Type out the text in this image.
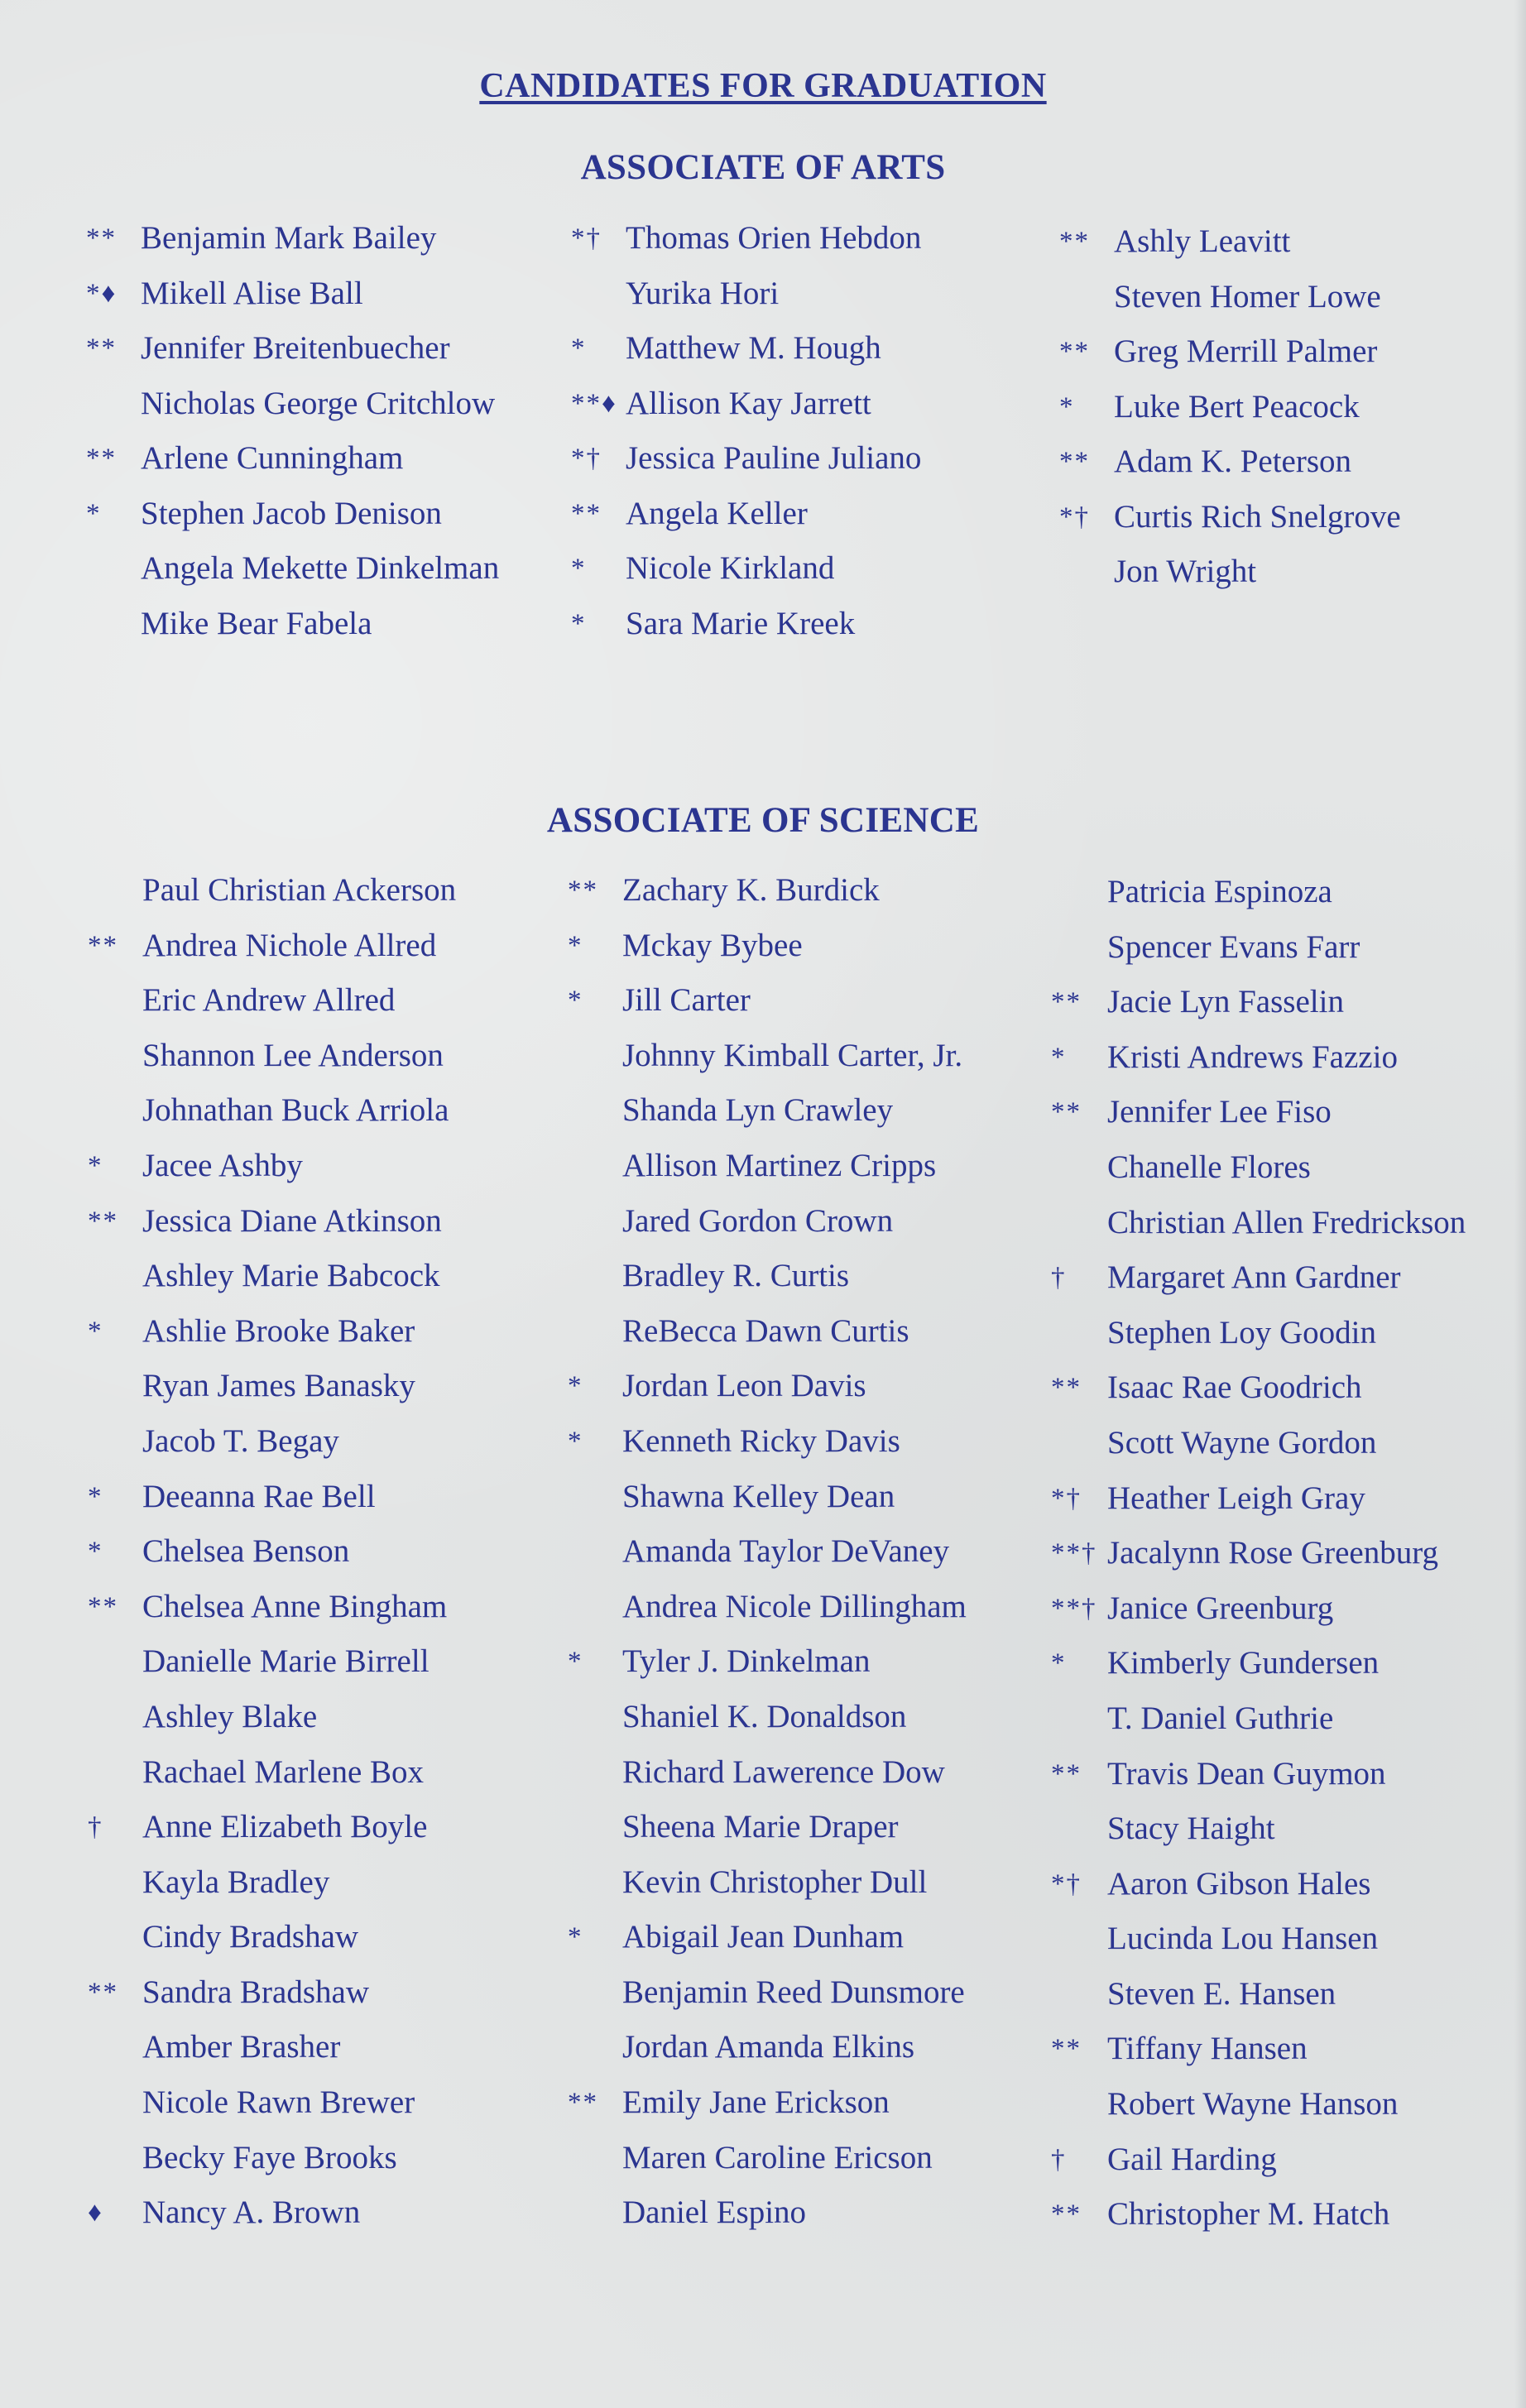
CANDIDATES FOR GRADUATION
ASSOCIATE OF ARTS
** Benjamin Mark Bailey
*♦ Mikell Alise Ball
** Jennifer Breitenbuecher
Nicholas George Critchlow
** Arlene Cunningham
*	Stephen Jacob Denison
Angela Mekette Dinkelman
Mike Bear Fabela
*† Thomas Orien Hebdon
Yurika Hori
*	Matthew M. Hough
**♦ Allison Kay Jarrett
*† Jessica Pauline Juliano
** Angela Keller
*	Nicole Kirkland
*	Sara Marie Kreek
** Ashly Leavitt
Steven Homer Lowe
** Greg Merrill Palmer
*	Luke Bert Peacock
** Adam K. Peterson
*† Curtis Rich Snelgrove
Jon Wright
ASSOCIATE OF SCIENCE
Paul Christian Ackerson
** Andrea Nichole Allred
Eric Andrew Allred
Shannon Lee Anderson
Johnathan Buck Arriola
*	Jacee Ashby
** Jessica Diane Atkinson
Ashley Marie Babcock
*	Ashlie Brooke Baker
Ryan James Banasky
Jacob T. Begay
*	Deeanna Rae Bell
*	Chelsea Benson
** Chelsea Anne Bingham
Danielle Marie Birrell
Ashley Blake
Rachael Marlene Box
†	Anne Elizabeth Boyle
Kayla Bradley
Cindy Bradshaw
** Sandra Bradshaw
Amber Brasher
Nicole Rawn Brewer
Becky Faye Brooks
♦	Nancy A. Brown
** Zachary K. Burdick
*	Mckay Bybee
*	Jill Carter
Johnny Kimball Carter, Jr.
Shanda Lyn Crawley
Allison Martinez Cripps
Jared Gordon Crown
Bradley R. Curtis
ReBecca Dawn Curtis
*	Jordan Leon Davis
*	Kenneth Ricky Davis
Shawna Kelley Dean
Amanda Taylor DeVaney
Andrea Nicole Dillingham
*	Tyler J. Dinkelman
Shaniel K. Donaldson
Richard Lawerence Dow
Sheena Marie Draper
Kevin Christopher Dull
*	Abigail Jean Dunham
Benjamin Reed Dunsmore
Jordan Amanda Elkins
** Emily Jane Erickson
Maren Caroline Ericson
Daniel Espino
Patricia Espinoza
Spencer Evans Farr
** Jacie Lyn Fasselin
*	Kristi Andrews Fazzio
** Jennifer Lee Fiso
Chanelle Flores
Christian Allen Fredrickson
†	Margaret Ann Gardner
Stephen Loy Goodin
** Isaac Rae Goodrich
Scott Wayne Gordon
*† Heather Leigh Gray
**† Jacalynn Rose Greenburg
**† Janice Greenburg
*	Kimberly Gundersen
T. Daniel Guthrie
** Travis Dean Guymon
Stacy Haight
*† Aaron Gibson Hales
Lucinda Lou Hansen
Steven E. Hansen
** Tiffany Hansen
Robert Wayne Hanson
†	Gail Harding
** Christopher M. Hatch
